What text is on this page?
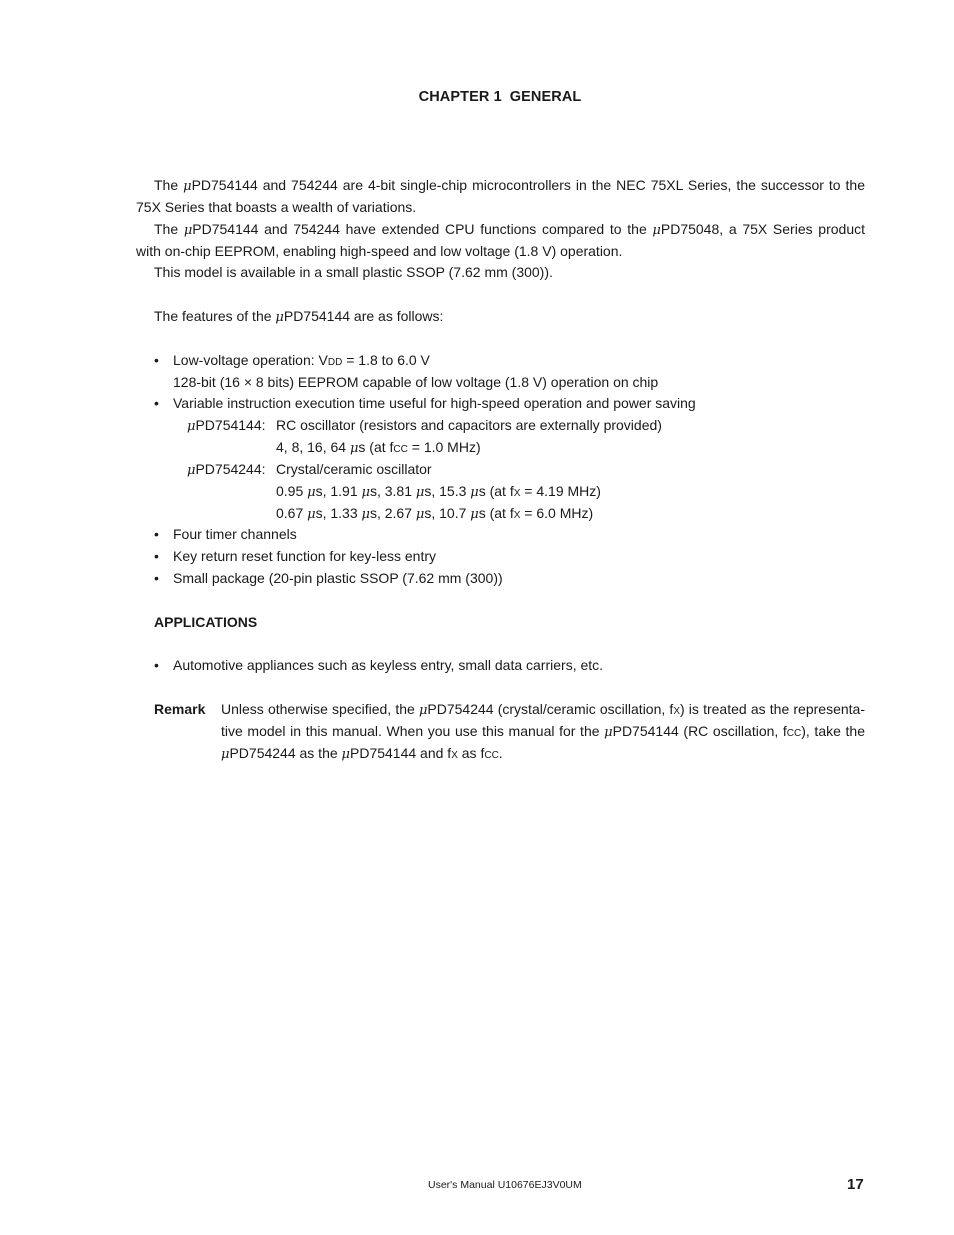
CHAPTER 1 GENERAL
The μPD754144 and 754244 are 4-bit single-chip microcontrollers in the NEC 75XL Series, the successor to the
75X Series that boasts a wealth of variations.
The μPD754144 and 754244 have extended CPU functions compared to the μPD75048, a 75X Series product
with on-chip EEPROM, enabling high-speed and low voltage (1.8 V) operation.
This model is available in a small plastic SSOP (7.62 mm (300)).
The features of the μPD754144 are as follows:
•	Low-voltage operation: VDD = 1.8 to 6.0 V
128-bit (16 × 8 bits) EEPROM capable of low voltage (1.8 V) operation on chip
•	Variable instruction execution time useful for high-speed operation and power saving
μPD754144: RC oscillator (resistors and capacitors are externally provided)
4, 8, 16, 64 μs (at fCC = 1.0 MHz)
μPD754244: Crystal/ceramic oscillator
0.95 μs, 1.91 μs, 3.81 μs, 15.3 μs (at fX = 4.19 MHz)
0.67 μs, 1.33 μs, 2.67 μs, 10.7 μs (at fX = 6.0 MHz)
•	Four timer channels
•	Key return reset function for key-less entry
•	Small package (20-pin plastic SSOP (7.62 mm (300))
APPLICATIONS
•	Automotive appliances such as keyless entry, small data carriers, etc.
Remark Unless otherwise specified, the μPD754244 (crystal/ceramic oscillation, fX) is treated as the representa-
tive model in this manual. When you use this manual for the μPD754144 (RC oscillation, fCC), take the
μPD754244 as the μPD754144 and fX as fCC.
User's Manual U10676EJ3V0UM	17
